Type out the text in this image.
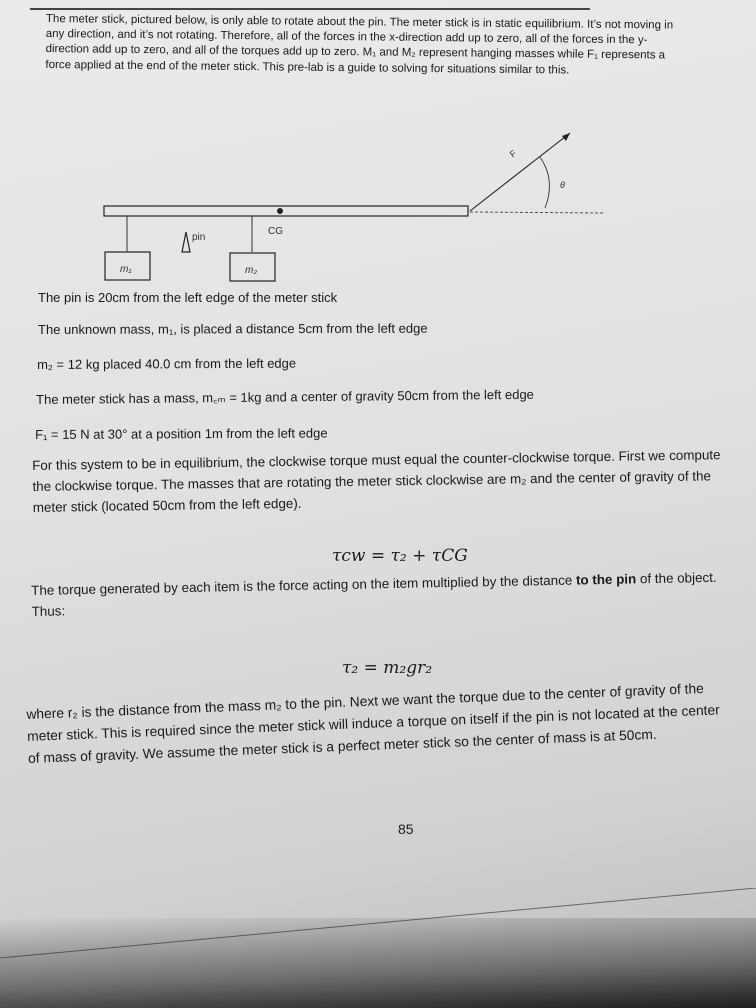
The meter stick, pictured below, is only able to rotate about the pin. The meter stick is in static equilibrium. It’s not moving in any direction, and it’s not rotating. Therefore, all of the forces in the x-direction add up to zero, all of the forces in the y-direction add up to zero, and all of the torques add up to zero. M₁ and M₂ represent hanging masses while F₁ represents a force applied at the end of the meter stick. This pre-lab is a guide to solving for situations similar to this.
m₁	m₂
pin
CG
F
θ
The pin is 20cm from the left edge of the meter stick
The unknown mass, m₁, is placed a distance 5cm from the left edge
m₂ = 12 kg placed 40.0 cm from the left edge
The meter stick has a mass, m꜀ₘ = 1kg and a center of gravity 50cm from the left edge
F₁ = 15 N at 30° at a position 1m from the left edge
For this system to be in equilibrium, the clockwise torque must equal the counter-clockwise torque. First we compute the clockwise torque. The masses that are rotating the meter stick clockwise are m₂ and the center of gravity of the meter stick (located 50cm from the left edge).
τcw = τ₂ + τCG
The torque generated by each item is the force acting on the item multiplied by the distance to the pin of the object. Thus:
τ₂ = m₂gr₂
where r₂ is the distance from the mass m₂ to the pin. Next we want the torque due to the center of gravity of the meter stick. This is required since the meter stick will induce a torque on itself if the pin is not located at the center of mass of gravity. We assume the meter stick is a perfect meter stick so the center of mass is at 50cm.
85
